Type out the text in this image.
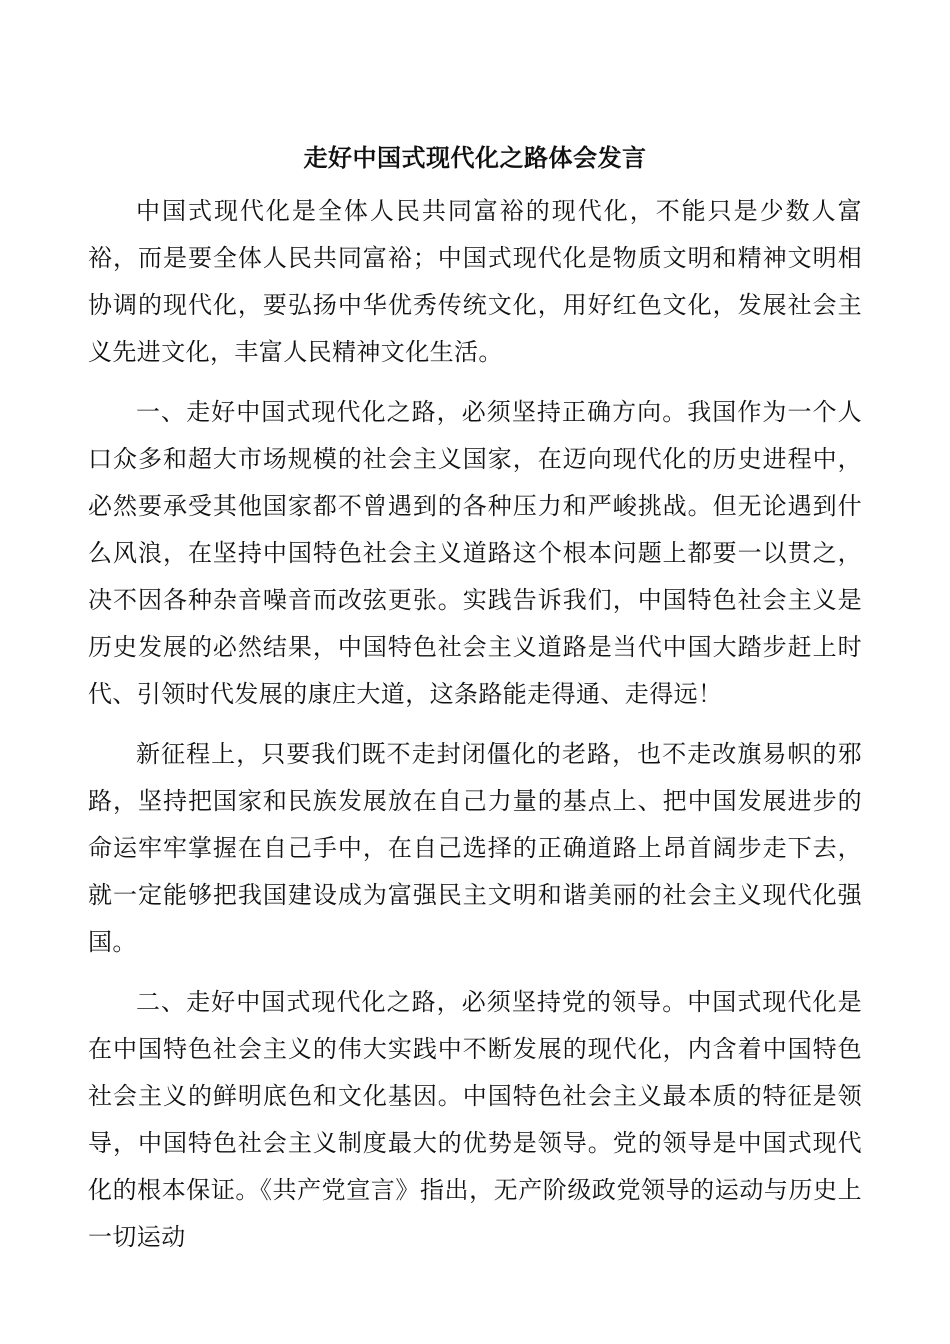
走好中国式现代化之路体会发言

中国式现代化是全体人民共同富裕的现代化，不能只是少数人富裕，而是要全体人民共同富裕；中国式现代化是物质文明和精神文明相协调的现代化，要弘扬中华优秀传统文化，用好红色文化，发展社会主义先进文化，丰富人民精神文化生活。

一、走好中国式现代化之路，必须坚持正确方向。我国作为一个人口众多和超大市场规模的社会主义国家，在迈向现代化的历史进程中，必然要承受其他国家都不曾遇到的各种压力和严峻挑战。但无论遇到什么风浪，在坚持中国特色社会主义道路这个根本问题上都要一以贯之，决不因各种杂音噪音而改弦更张。实践告诉我们，中国特色社会主义是历史发展的必然结果，中国特色社会主义道路是当代中国大踏步赶上时代、引领时代发展的康庄大道，这条路能走得通、走得远！

新征程上，只要我们既不走封闭僵化的老路，也不走改旗易帜的邪路，坚持把国家和民族发展放在自己力量的基点上、把中国发展进步的命运牢牢掌握在自己手中，在自己选择的正确道路上昂首阔步走下去，就一定能够把我国建设成为富强民主文明和谐美丽的社会主义现代化强国。

二、走好中国式现代化之路，必须坚持党的领导。中国式现代化是在中国特色社会主义的伟大实践中不断发展的现代化，内含着中国特色社会主义的鲜明底色和文化基因。中国特色社会主义最本质的特征是领导，中国特色社会主义制度最大的优势是领导。党的领导是中国式现代化的根本保证。《共产党宣言》指出，无产阶级政党领导的运动与历史上一切运动
